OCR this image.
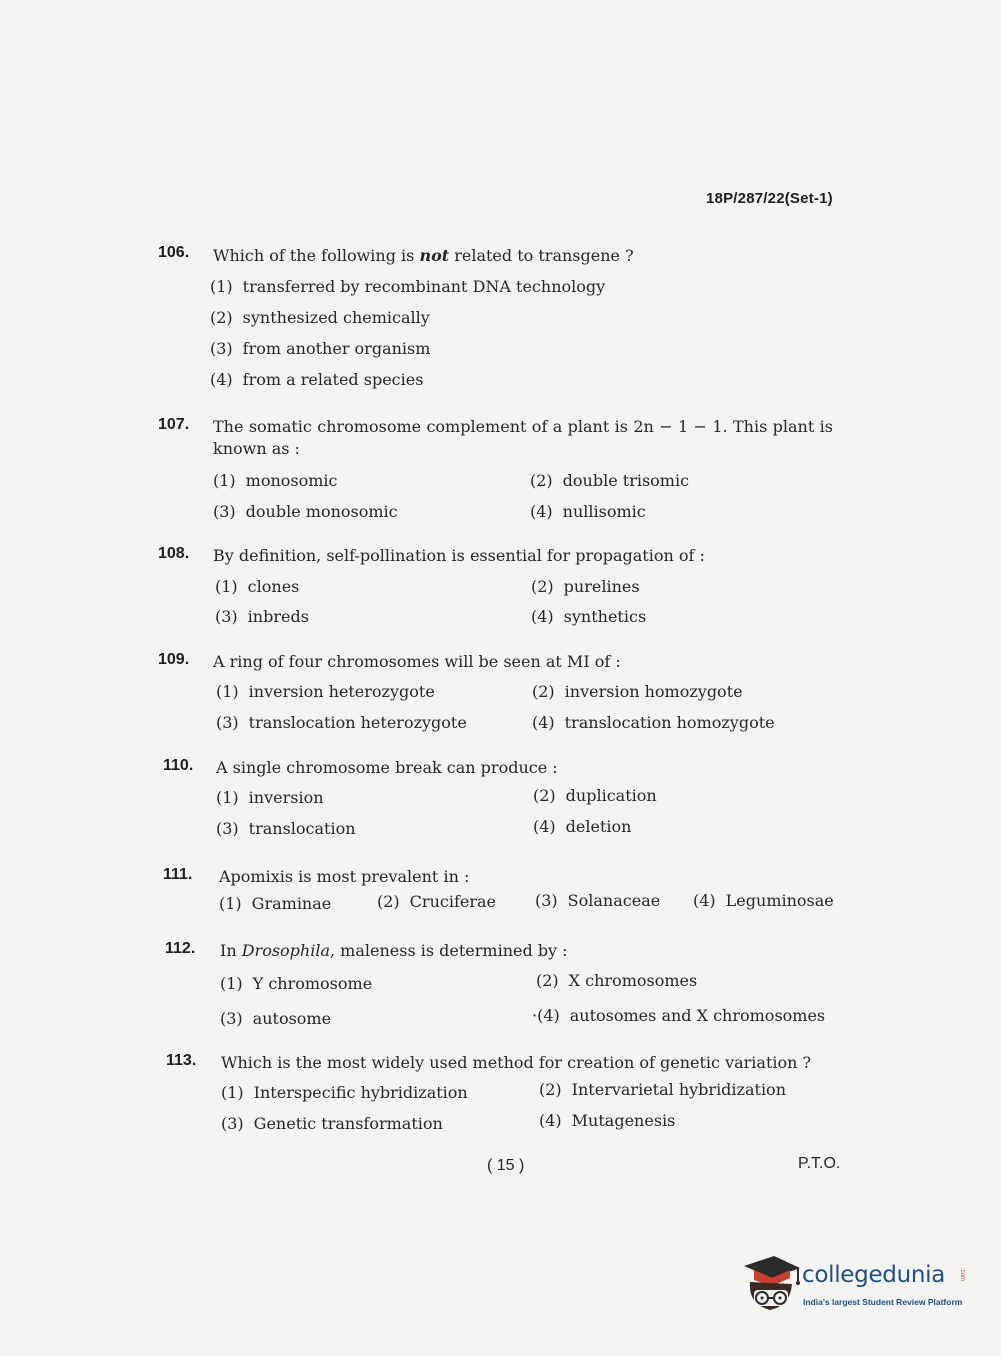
18P/287/22(Set-1)
106. Which of the following is not related to transgene ?
(1) transferred by recombinant DNA technology
(2) synthesized chemically
(3) from another organism
(4) from a related species
107. The somatic chromosome complement of a plant is 2n − 1 − 1. This plant is
known as :
(1) monosomic	(2) double trisomic
(3) double monosomic	(4) nullisomic
108. By definition, self-pollination is essential for propagation of :
(1) clones	(2) purelines
(3) inbreds	(4) synthetics
109. A ring of four chromosomes will be seen at MI of :
(1) inversion heterozygote	(2) inversion homozygote
(3) translocation heterozygote	(4) translocation homozygote
110. A single chromosome break can produce :
(1) inversion	(2) duplication
(3) translocation	(4) deletion
111. Apomixis is most prevalent in :
(1) Graminae	(2) Cruciferae (3) Solanaceae (4) Leguminosae
112. In Drosophila, maleness is determined by :
(1) Y chromosome	(2) X chromosomes
(3) autosome	·(4) autosomes and X chromosomes
113. Which is the most widely used method for creation of genetic variation ?
(1) Interspecific hybridization	(2) Intervarietal hybridization
(3) Genetic transformation	(4) Mutagenesis
( 15 )	P.T.O.
collegedunia .com
India's largest Student Review Platform
